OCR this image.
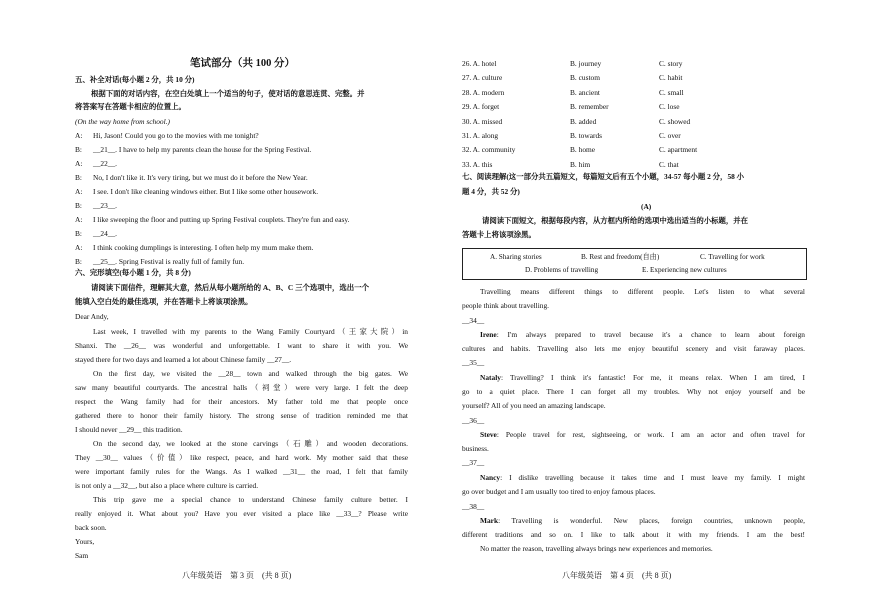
笔试部分（共 100 分）
五、补全对话(每小题 2 分，共 10 分)
根据下面的对话内容，在空白处填上一个适当的句子，使对话的意思连贯、完整。并
将答案写在答题卡相应的位置上。
(On the way home from school.)
A: Hi, Jason! Could you go to the movies with me tonight?
B: __21__. I have to help my parents clean the house for the Spring Festival.
A: __22__.
B: No, I don't like it. It's very tiring, but we must do it before the New Year.
A: I see. I don't like cleaning windows either. But I like some other housework.
B: __23__.
A: I like sweeping the floor and putting up Spring Festival couplets. They're fun and easy.
B: __24__.
A: I think cooking dumplings is interesting. I often help my mum make them.
B: __25__. Spring Festival is really full of family fun.
六、完形填空(每小题 1 分，共 8 分)
请阅读下面信件，理解其大意，然后从每小题所给的 A、B、C 三个选项中，选出一个
能填入空白处的最佳选项，并在答题卡上将该项涂黑。
Dear Andy,
Last week, I travelled with my parents to the Wang Family Courtyard（王家大院）in
Shanxi. The __26__ was wonderful and unforgettable. I want to share it with you. We
stayed there for two days and learned a lot about Chinese family __27__.
On the first day, we visited the __28__ town and walked through the big gates. We
saw many beautiful courtyards. The ancestral halls（祠堂）were very large. I felt the deep
respect the Wang family had for their ancestors. My father told me that people once
gathered there to honor their family history. The strong sense of tradition reminded me that
I should never __29__ this tradition.
On the second day, we looked at the stone carvings（石雕）and wooden decorations.
They __30__ values（价值）like respect, peace, and hard work. My mother said that these
were important family rules for the Wangs. As I walked __31__ the road, I felt that family
is not only a __32__, but also a place where culture is carried.
This trip gave me a special chance to understand Chinese family culture better. I
really enjoyed it. What about you? Have you ever visited a place like __33__? Please write
back soon.
Yours,
Sam
八年级英语　第 3 页　(共 8 页)
26. A. hotel	B. journey	C. story
27. A. culture	B. custom	C. habit
28. A. modern	B. ancient	C. small
29. A. forget	B. remember	C. lose
30. A. missed	B. added	C. showed
31. A. along	B. towards	C. over
32. A. community	B. home	C. apartment
33. A. this	B. him	C. that
七、阅读理解(这一部分共五篇短文，每篇短文后有五个小题，34-57 每小题 2 分，58 小
题 4 分，共 52 分)
(A)
请阅读下面短文，根据每段内容，从方框内所给的选项中选出适当的小标题，并在
答题卡上将该项涂黑。
A. Sharing stories	B. Rest and freedom(自由)	C. Travelling for work
D. Problems of travelling	E. Experiencing new cultures
Travelling means different things to different people. Let's listen to what several
people think about travelling.
__34__
Irene: I'm always prepared to travel because it's a chance to learn about foreign
cultures and habits. Travelling also lets me enjoy beautiful scenery and visit faraway places.
__35__
Nataly: Travelling? I think it's fantastic! For me, it means relax. When I am tired, I
go to a quiet place. There I can forget all my troubles. Why not enjoy yourself and be
yourself? All of you need an amazing landscape.
__36__
Steve: People travel for rest, sightseeing, or work. I am an actor and often travel for
business.
__37__
Nancy: I dislike travelling because it takes time and I must leave my family. I might
go over budget and I am usually too tired to enjoy famous places.
__38__
Mark: Travelling is wonderful. New places, foreign countries, unknown people,
different traditions and so on. I like to talk about it with my friends. I am the best!
No matter the reason, travelling always brings new experiences and memories.
八年级英语　第 4 页　(共 8 页)
